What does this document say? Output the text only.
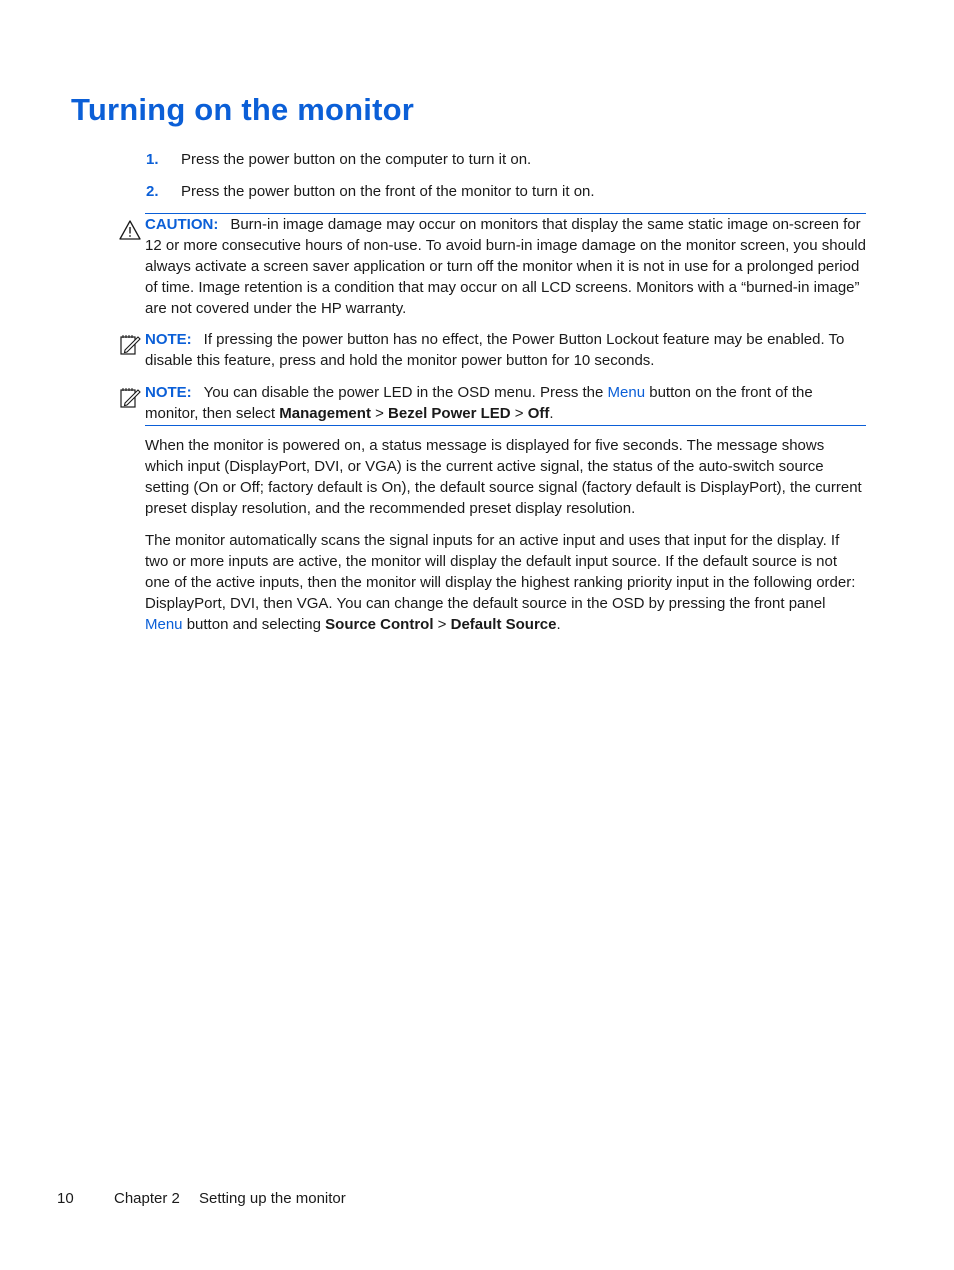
Turning on the monitor
1. Press the power button on the computer to turn it on.
2. Press the power button on the front of the monitor to turn it on.
CAUTION: Burn-in image damage may occur on monitors that display the same static image on-screen for 12 or more consecutive hours of non-use. To avoid burn-in image damage on the monitor screen, you should always activate a screen saver application or turn off the monitor when it is not in use for a prolonged period of time. Image retention is a condition that may occur on all LCD screens. Monitors with a “burned-in image” are not covered under the HP warranty.
NOTE: If pressing the power button has no effect, the Power Button Lockout feature may be enabled. To disable this feature, press and hold the monitor power button for 10 seconds.
NOTE: You can disable the power LED in the OSD menu. Press the Menu button on the front of the monitor, then select Management > Bezel Power LED > Off.

When the monitor is powered on, a status message is displayed for five seconds. The message shows which input (DisplayPort, DVI, or VGA) is the current active signal, the status of the auto-switch source setting (On or Off; factory default is On), the default source signal (factory default is DisplayPort), the current preset display resolution, and the recommended preset display resolution.

The monitor automatically scans the signal inputs for an active input and uses that input for the display. If two or more inputs are active, the monitor will display the default input source. If the default source is not one of the active inputs, then the monitor will display the highest ranking priority input in the following order: DisplayPort, DVI, then VGA. You can change the default source in the OSD by pressing the front panel Menu button and selecting Source Control > Default Source.

10	Chapter 2 Setting up the monitor
